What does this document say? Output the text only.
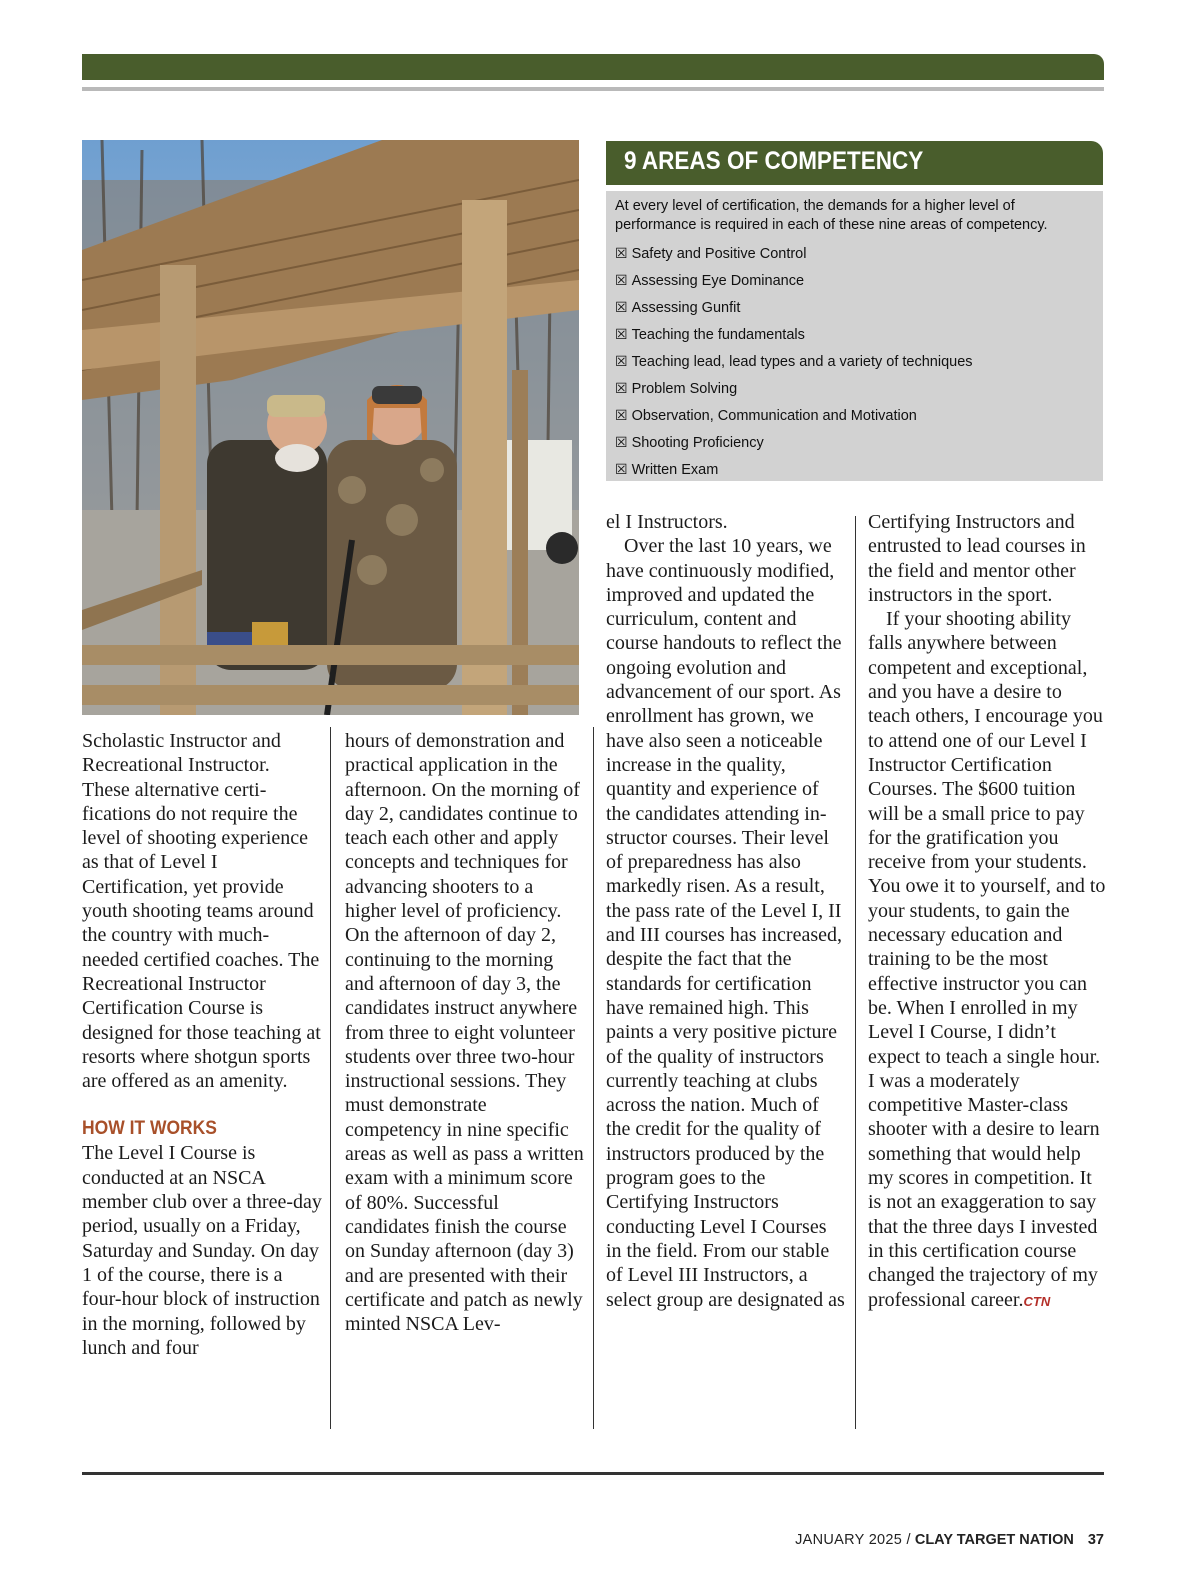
9 AREAS OF COMPETENCY

At every level of certification, the demands for a higher level of performance is required in each of these nine areas of competency.

☒ Safety and Positive Control
☒ Assessing Eye Dominance
☒ Assessing Gunfit
☒ Teaching the fundamentals
☒ Teaching lead, lead types and a variety of techniques
☒ Problem Solving
☒ Observation, Communication and Motivation
☒ Shooting Proficiency
☒ Written Exam

Scholastic Instructor and Recreational Instructor. These alternative certifications do not require the level of shooting experience as that of Level I Certification, yet provide youth shooting teams around the country with much-needed certified coaches. The Recreational Instructor Certification Course is designed for those teaching at resorts where shotgun sports are offered as an amenity.

HOW IT WORKS

The Level I Course is conducted at an NSCA member club over a three-day period, usually on a Friday, Saturday and Sunday. On day 1 of the course, there is a four-hour block of instruction in the morning, followed by lunch and four

hours of demonstration and practical application in the afternoon. On the morning of day 2, candidates continue to teach each other and apply concepts and techniques for advancing shooters to a higher level of proficiency. On the afternoon of day 2, continuing to the morning and afternoon of day 3, the candidates instruct anywhere from three to eight volunteer students over three two-hour instructional sessions. They must demonstrate competency in nine specific areas as well as pass a written exam with a minimum score of 80%. Successful candidates finish the course on Sunday afternoon (day 3) and are presented with their certificate and patch as newly minted NSCA Lev-

el I Instructors.

Over the last 10 years, we have continuously modified, improved and updated the curriculum, content and course handouts to reflect the ongoing evolution and advancement of our sport. As enrollment has grown, we have also seen a noticeable increase in the quality, quantity and experience of the candidates attending instructor courses. Their level of preparedness has also markedly risen. As a result, the pass rate of the Level I, II and III courses has increased, despite the fact that the standards for certification have remained high. This paints a very positive picture of the quality of instructors currently teaching at clubs across the nation. Much of the credit for the quality of instructors produced by the program goes to the Certifying Instructors conducting Level I Courses in the field. From our stable of Level III Instructors, a select group are designated as

Certifying Instructors and entrusted to lead courses in the field and mentor other instructors in the sport.

If your shooting ability falls anywhere between competent and exceptional, and you have a desire to teach others, I encourage you to attend one of our Level I Instructor Certification Courses. The $600 tuition will be a small price to pay for the gratification you receive from your students. You owe it to yourself, and to your students, to gain the necessary education and training to be the most effective instructor you can be. When I enrolled in my Level I Course, I didn’t expect to teach a single hour. I was a moderately competitive Master-class shooter with a desire to learn something that would help my scores in competition. It is not an exaggeration to say that the three days I invested in this certification course changed the trajectory of my professional career.CTN

JANUARY 2025 / CLAY TARGET NATION 37
